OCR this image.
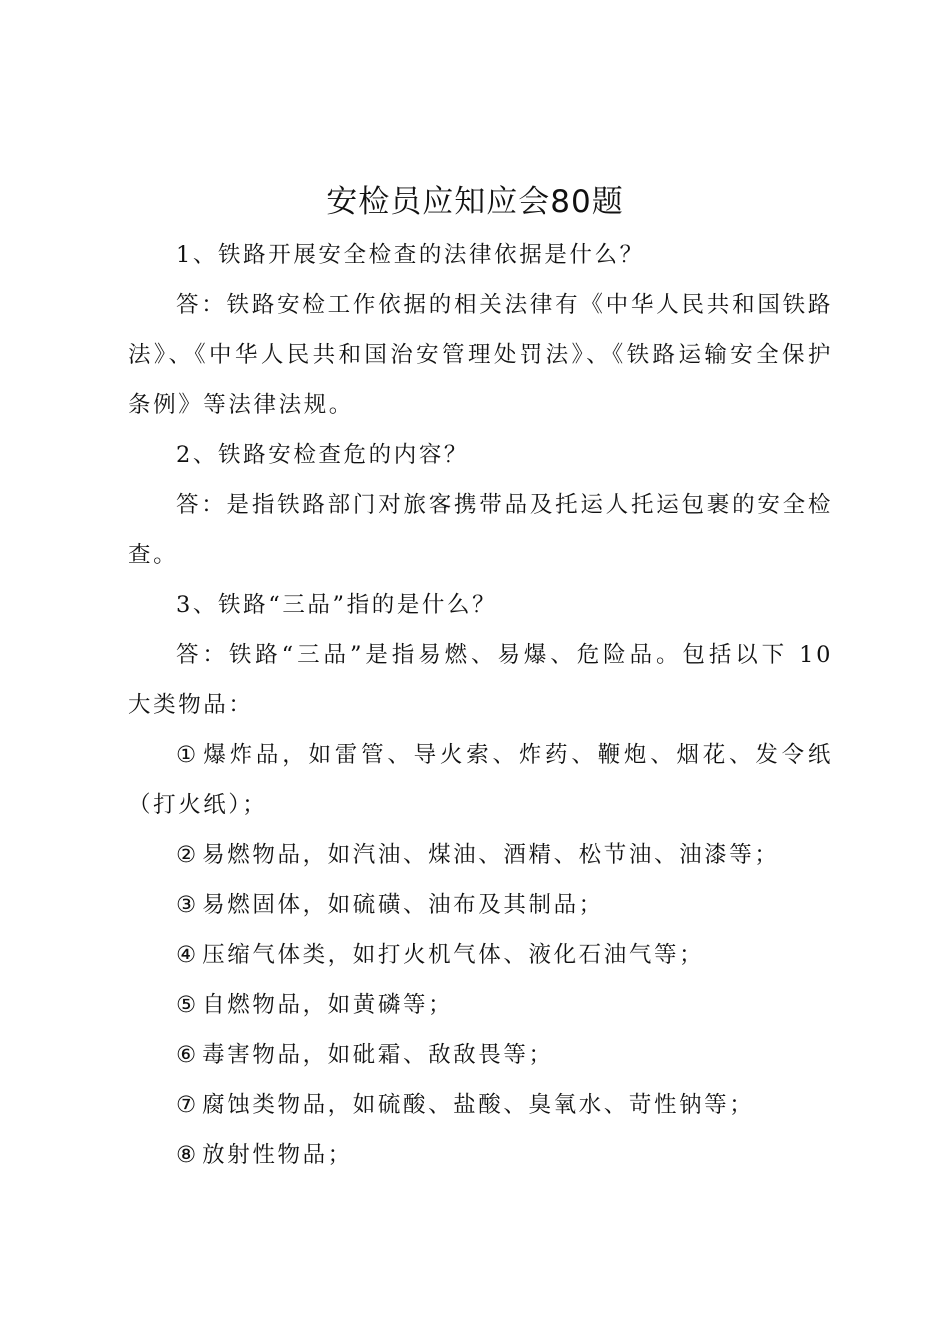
安检员应知应会80题

1、铁路开展安全检查的法律依据是什么？

答：铁路安检工作依据的相关法律有《中华人民共和国铁路法》、《中华人民共和国治安管理处罚法》、《铁路运输安全保护条例》等法律法规。

2、铁路安检查危的内容？

答：是指铁路部门对旅客携带品及托运人托运包裹的安全检查。

3、铁路“三品”指的是什么？

答：铁路“三品”是指易燃、易爆、危险品。包括以下 10 大类物品：

① 爆炸品，如雷管、导火索、炸药、鞭炮、烟花、发令纸（打火纸）；

② 易燃物品，如汽油、煤油、酒精、松节油、油漆等；

③ 易燃固体，如硫磺、油布及其制品；

④ 压缩气体类，如打火机气体、液化石油气等；

⑤ 自燃物品，如黄磷等；

⑥ 毒害物品，如砒霜、敌敌畏等；

⑦ 腐蚀类物品，如硫酸、盐酸、臭氧水、苛性钠等；

⑧ 放射性物品；
